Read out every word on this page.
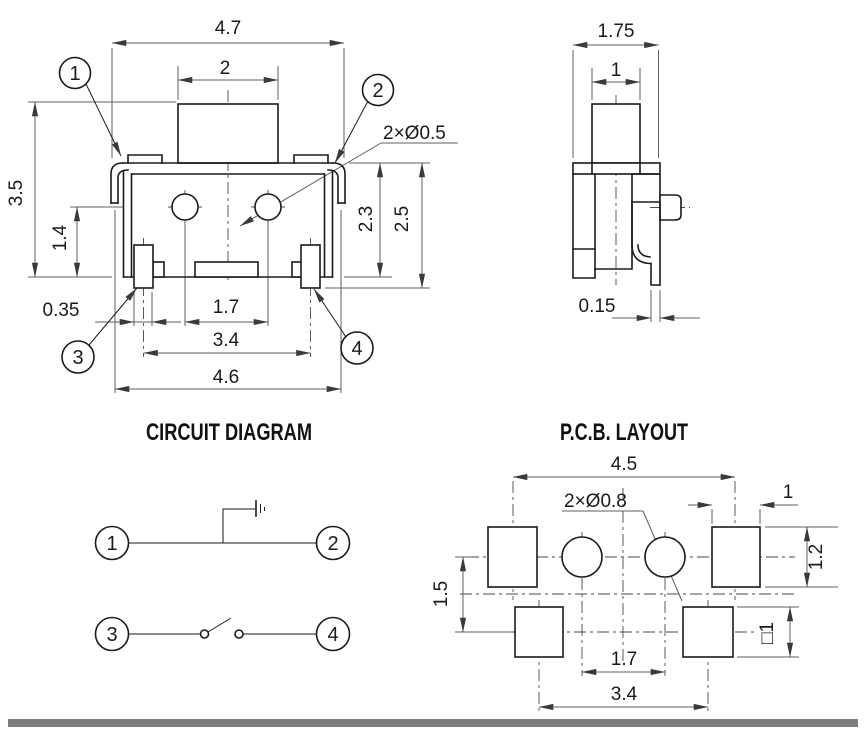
4.7
2
2×Ø0.5
3.5
1.4
0.35	1.7
3.4
4.6
2.3 2.5
1
2
3	4
1.75
1
0.15
CIRCUIT DIAGRAM
1	2
3	4
P.C.B. LAYOUT
4.5
2×Ø0.8	1
1.2
1.5
1.7
3.4
□1
